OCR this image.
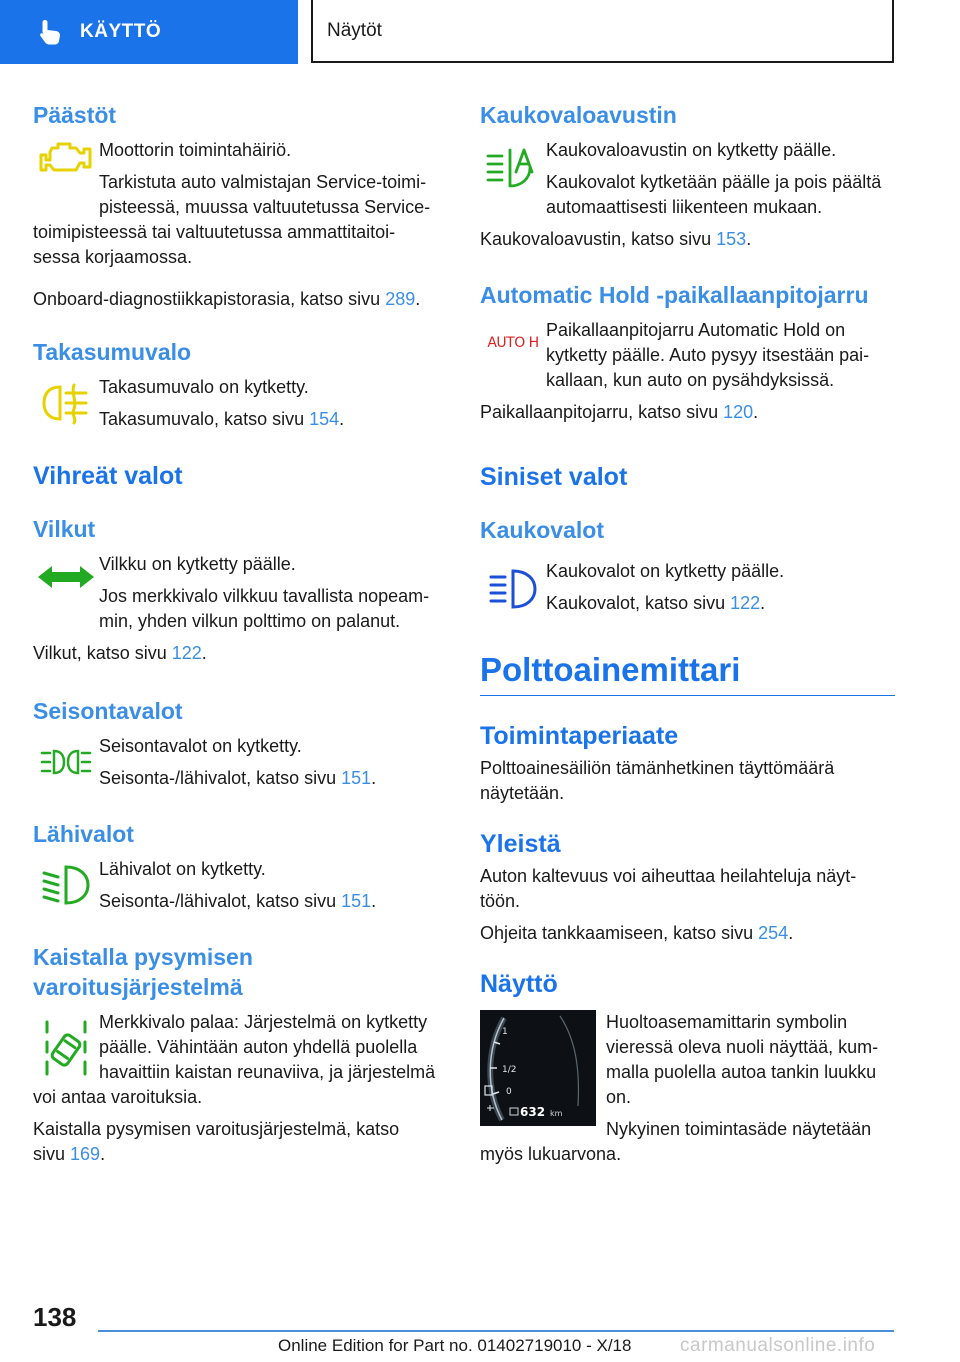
KÄYTTÖ	Näytöt
Päästöt

Moottorin toimintahäiriö.

Tarkistuta auto valmistajan Service-toimi-

pisteessä, muussa valtuutetussa Service-

toimipisteessä tai valtuutetussa ammattitaitoi-

sessa korjaamossa.

Onboard-diagnostiikkapistorasia, katso sivu 289.

Takasumuvalo

Takasumuvalo on kytketty.

Takasumuvalo, katso sivu 154.

Vihreät valot
Vilkut

Vilkku on kytketty päälle.

Jos merkkivalo vilkkuu tavallista nopeam-

min, yhden vilkun polttimo on palanut.

Vilkut, katso sivu 122.

Seisontavalot

Seisontavalot on kytketty.

Seisonta-/lähivalot, katso sivu 151.

Lähivalot

Lähivalot on kytketty.

Seisonta-/lähivalot, katso sivu 151.

Kaistalla pysymisen
varoitusjärjestelmä

Merkkivalo palaa: Järjestelmä on kytketty

päälle. Vähintään auton yhdellä puolella

havaittiin kaistan reunaviiva, ja järjestelmä

voi antaa varoituksia.

Kaistalla pysymisen varoitusjärjestelmä, katso

sivu 169.

Kaukovaloavustin

Kaukovaloavustin on kytketty päälle.

Kaukovalot kytketään päälle ja pois päältä

automaattisesti liikenteen mukaan.

Kaukovaloavustin, katso sivu 153.

Automatic Hold -paikallaanpitojarru
AUTO H

Paikallaanpitojarru Automatic Hold on

kytketty päälle. Auto pysyy itsestään pai-

kallaan, kun auto on pysähdyksissä.

Paikallaanpitojarru, katso sivu 120.

Siniset valot
Kaukovalot

Kaukovalot on kytketty päälle.

Kaukovalot, katso sivu 122.

Polttoainemittari
Toimintaperiaate

Polttoainesäiliön tämänhetkinen täyttömäärä

näytetään.

Yleistä

Auton kaltevuus voi aiheuttaa heilahteluja näyt-

töön.

Ohjeita tankkaamiseen, katso sivu 254.

Näyttö
1
1/2
0
632 km

Huoltoasemamittarin symbolin

vieressä oleva nuoli näyttää, kum-

malla puolella autoa tankin luukku

on.

Nykyinen toimintasäde näytetään

myös lukuarvona.

138
Online Edition for Part no. 01402719010 - X/18	carmanualsonline.info
